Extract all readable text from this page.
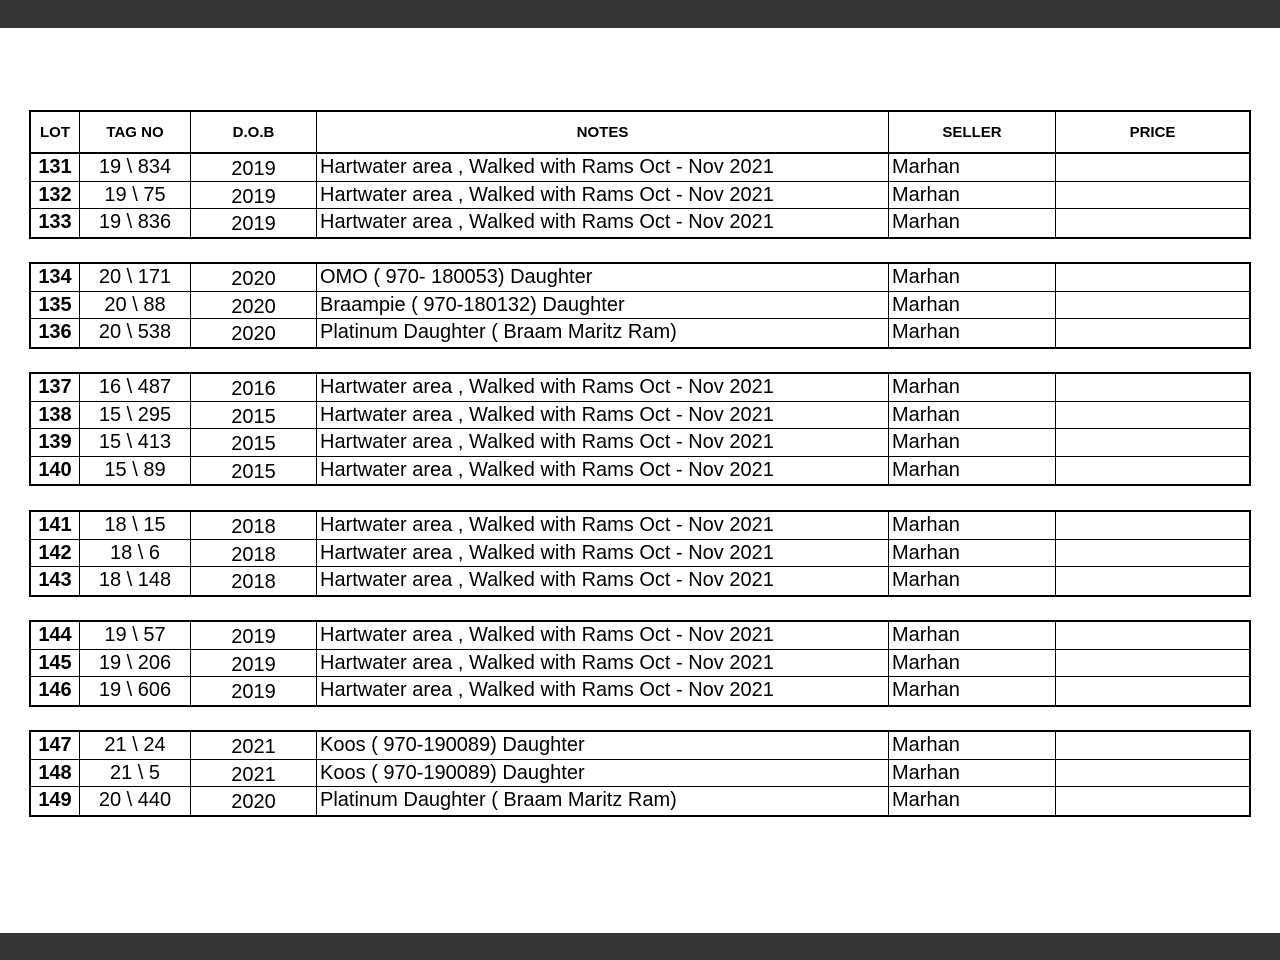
LOT	TAG NO	D.O.B	NOTES	SELLER	PRICE
131	19 \ 834	2019	Hartwater area , Walked with Rams Oct - Nov 2021	Marhan
132	19 \ 75	2019	Hartwater area , Walked with Rams Oct - Nov 2021	Marhan
133	19 \ 836	2019	Hartwater area , Walked with Rams Oct - Nov 2021	Marhan
134	20 \ 171	2020	OMO ( 970- 180053) Daughter	Marhan
135	20 \ 88	2020	Braampie ( 970-180132) Daughter	Marhan
136	20 \ 538	2020	Platinum Daughter ( Braam Maritz Ram)	Marhan
137	16 \ 487	2016	Hartwater area , Walked with Rams Oct - Nov 2021	Marhan
138	15 \ 295	2015	Hartwater area , Walked with Rams Oct - Nov 2021	Marhan
139	15 \ 413	2015	Hartwater area , Walked with Rams Oct - Nov 2021	Marhan
140	15 \ 89	2015	Hartwater area , Walked with Rams Oct - Nov 2021	Marhan
141	18 \ 15	2018	Hartwater area , Walked with Rams Oct - Nov 2021	Marhan
142	18 \ 6	2018	Hartwater area , Walked with Rams Oct - Nov 2021	Marhan
143	18 \ 148	2018	Hartwater area , Walked with Rams Oct - Nov 2021	Marhan
144	19 \ 57	2019	Hartwater area , Walked with Rams Oct - Nov 2021	Marhan
145	19 \ 206	2019	Hartwater area , Walked with Rams Oct - Nov 2021	Marhan
146	19 \ 606	2019	Hartwater area , Walked with Rams Oct - Nov 2021	Marhan
147	21 \ 24	2021	Koos ( 970-190089) Daughter	Marhan
148	21 \ 5	2021	Koos ( 970-190089) Daughter	Marhan
149	20 \ 440	2020	Platinum Daughter ( Braam Maritz Ram)	Marhan
